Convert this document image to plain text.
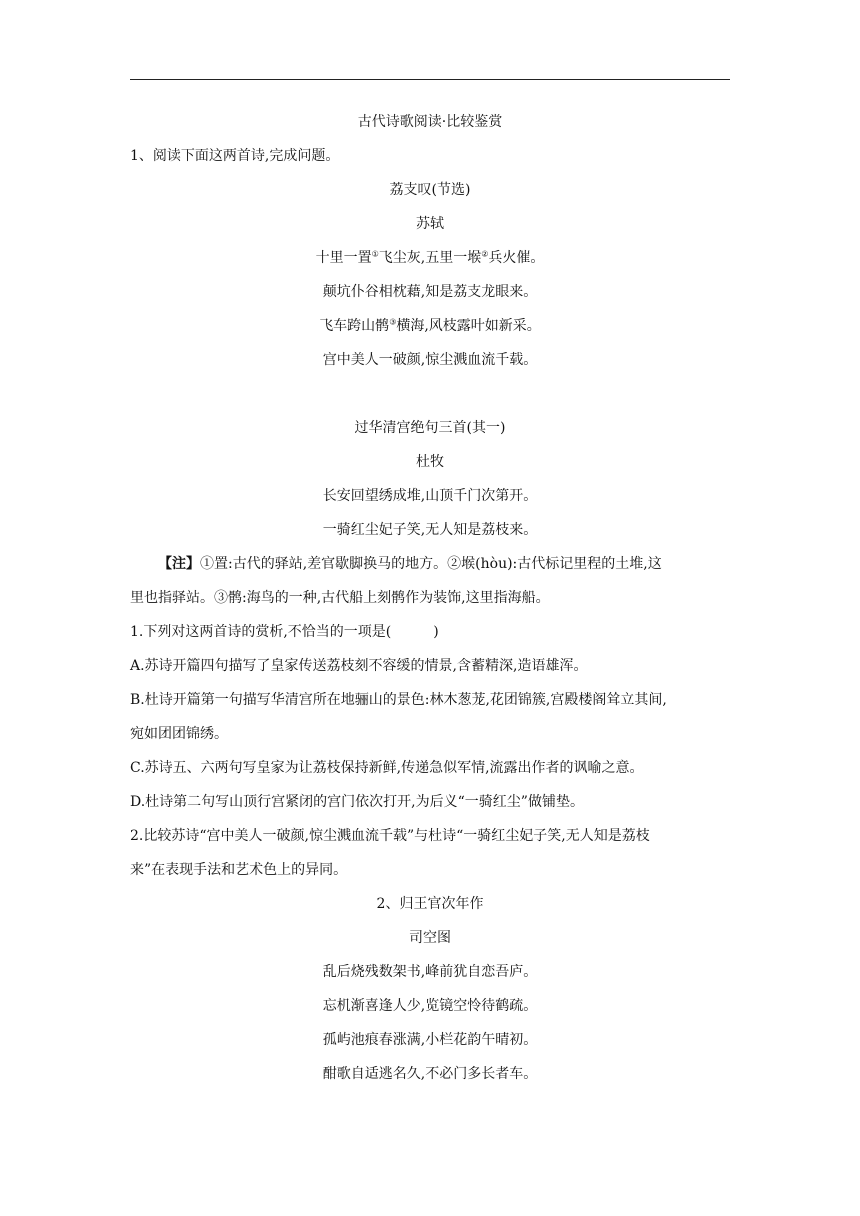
古代诗歌阅读·比较鉴赏
1、阅读下面这两首诗,完成问题。
荔支叹(节选)
苏轼
十里一置①飞尘灰,五里一堠②兵火催。
颠坑仆谷相枕藉,知是荔支龙眼来。
飞车跨山鹘③横海,风枝露叶如新采。
宫中美人一破颜,惊尘溅血流千载。
过华清宫绝句三首(其一)
杜牧
长安回望绣成堆,山顶千门次第开。
一骑红尘妃子笑,无人知是荔枝来。
【注】①置:古代的驿站,差官歇脚换马的地方。②堠(hòu):古代标记里程的土堆,这
里也指驿站。③鹘:海鸟的一种,古代船上刻鹘作为装饰,这里指海船。
1.下列对这两首诗的赏析,不恰当的一项是(　　　)
A.苏诗开篇四句描写了皇家传送荔枝刻不容缓的情景,含蓄精深,造语雄浑。
B.杜诗开篇第一句描写华清宫所在地骊山的景色:林木葱茏,花团锦簇,宫殿楼阁耸立其间,
宛如团团锦绣。
C.苏诗五、六两句写皇家为让荔枝保持新鲜,传递急似军情,流露出作者的讽喻之意。
D.杜诗第二句写山顶行宫紧闭的宫门依次打开,为后义“一骑红尘”做铺垫。
2.比较苏诗“宫中美人一破颜,惊尘溅血流千载”与杜诗“一骑红尘妃子笑,无人知是荔枝
来”在表现手法和艺术色上的异同。
2、归王官次年作
司空图
乱后烧残数架书,峰前犹自恋吾庐。
忘机渐喜逢人少,览镜空怜待鹤疏。
孤屿池痕春涨满,小栏花韵午晴初。
酣歌自适逃名久,不必门多长者车。
